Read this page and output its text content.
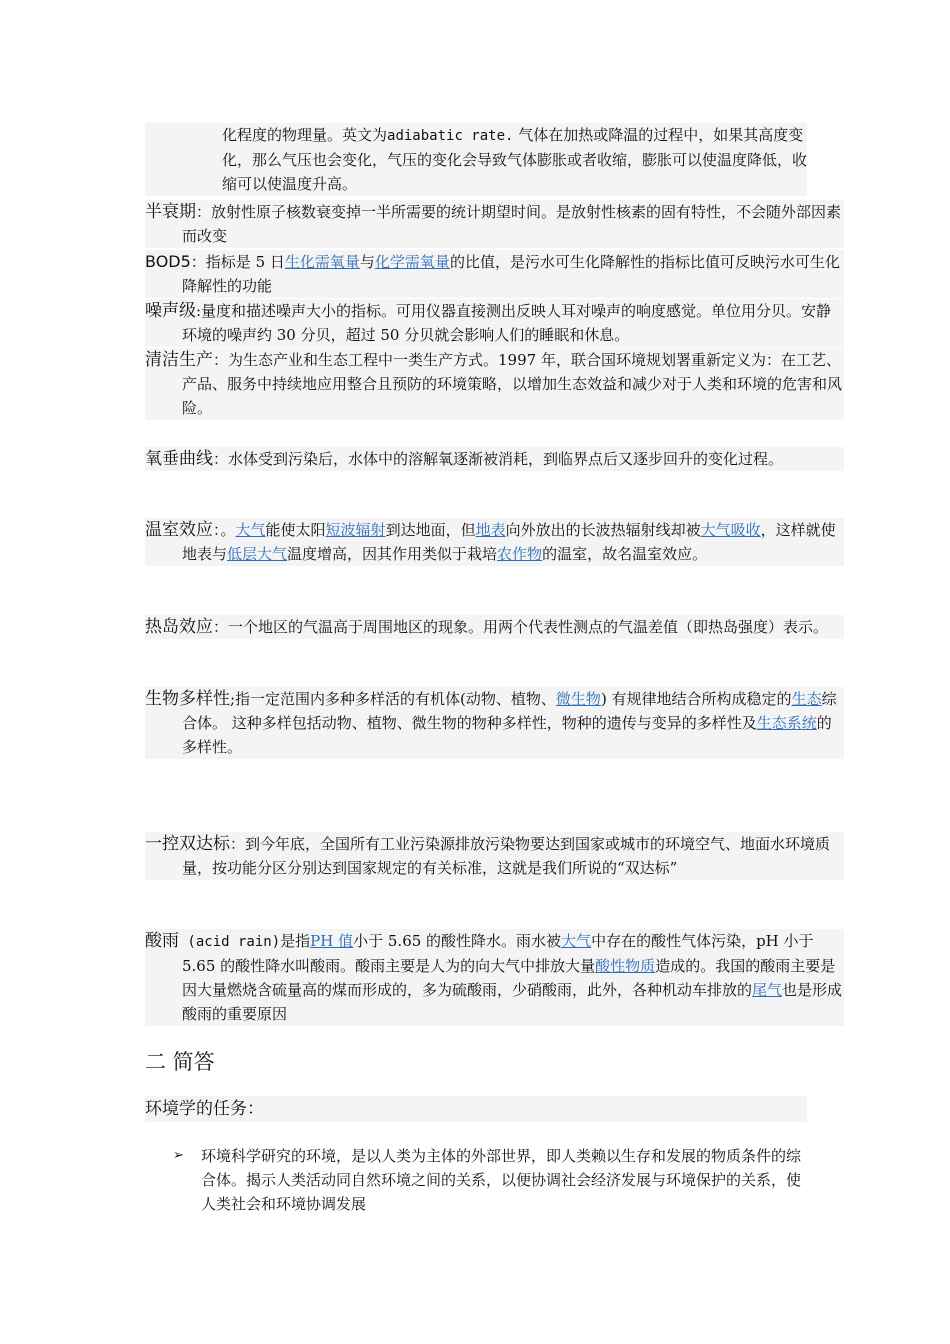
化程度的物理量。英文为adiabatic rate. 气体在加热或降温的过程中，如果其高度变化，那么气压也会变化，气压的变化会导致气体膨胀或者收缩，膨胀可以使温度降低，收缩可以使温度升高。
半衰期：放射性原子核数衰变掉一半所需要的统计期望时间。是放射性核素的固有特性，不会随外部因素而改变
BOD5：指标是 5 日生化需氧量与化学需氧量的比值，是污水可生化降解性的指标比值可反映污水可生化降解性的功能
噪声级:量度和描述噪声大小的指标。可用仪器直接测出反映人耳对噪声的响度感觉。单位用分贝。安静环境的噪声约 30 分贝，超过 50 分贝就会影响人们的睡眠和休息。
清洁生产：为生态产业和生态工程中一类生产方式。1997 年，联合国环境规划署重新定义为：在工艺、产品、服务中持续地应用整合且预防的环境策略，以增加生态效益和减少对于人类和环境的危害和风险。
氧垂曲线：水体受到污染后，水体中的溶解氧逐渐被消耗，到临界点后又逐步回升的变化过程。
温室效应：。大气能使太阳短波辐射到达地面，但地表向外放出的长波热辐射线却被大气吸收，这样就使地表与低层大气温度增高，因其作用类似于栽培农作物的温室，故名温室效应。
热岛效应：一个地区的气温高于周围地区的现象。用两个代表性测点的气温差值（即热岛强度）表示。
生物多样性;指一定范围内多种多样活的有机体(动物、植物、微生物) 有规律地结合所构成稳定的生态综合体。 这种多样包括动物、植物、微生物的物种多样性，物种的遗传与变异的多样性及生态系统的多样性。
一控双达标：到今年底，全国所有工业污染源排放污染物要达到国家或城市的环境空气、地面水环境质量，按功能分区分别达到国家规定的有关标准，这就是我们所说的“双达标”
酸雨 (acid rain)是指PH 值小于 5.65 的酸性降水。雨水被大气中存在的酸性气体污染，pH 小于 5.65 的酸性降水叫酸雨。酸雨主要是人为的向大气中排放大量酸性物质造成的。我国的酸雨主要是因大量燃烧含硫量高的煤而形成的，多为硫酸雨，少硝酸雨，此外，各种机动车排放的尾气也是形成酸雨的重要原因
二 简答
环境学的任务：
➢ 环境科学研究的环境，是以人类为主体的外部世界，即人类赖以生存和发展的物质条件的综合体。揭示人类活动同自然环境之间的关系，以便协调社会经济发展与环境保护的关系，使人类社会和环境协调发展
